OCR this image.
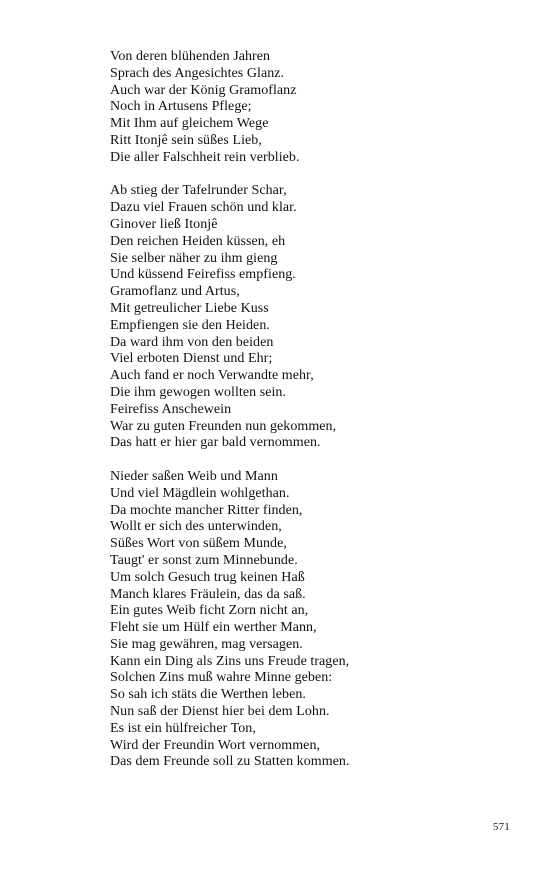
Von deren blühenden Jahren
Sprach des Angesichtes Glanz.
Auch war der König Gramoflanz
Noch in Artusens Pflege;
Mit Ihm auf gleichem Wege
Ritt Itonjê sein süßes Lieb,
Die aller Falschheit rein verblieb.
Ab stieg der Tafelrunder Schar,
Dazu viel Frauen schön und klar.
Ginover ließ Itonjê
Den reichen Heiden küssen, eh
Sie selber näher zu ihm gieng
Und küssend Feirefiss empfieng.
Gramoflanz und Artus,
Mit getreulicher Liebe Kuss
Empfiengen sie den Heiden.
Da ward ihm von den beiden
Viel erboten Dienst und Ehr;
Auch fand er noch Verwandte mehr,
Die ihm gewogen wollten sein.
Feirefiss Anschewein
War zu guten Freunden nun gekommen,
Das hatt er hier gar bald vernommen.
Nieder saßen Weib und Mann
Und viel Mägdlein wohlgethan.
Da mochte mancher Ritter finden,
Wollt er sich des unterwinden,
Süßes Wort von süßem Munde,
Taugt' er sonst zum Minnebunde.
Um solch Gesuch trug keinen Haß
Manch klares Fräulein, das da saß.
Ein gutes Weib ficht Zorn nicht an,
Fleht sie um Hülf ein werther Mann,
Sie mag gewähren, mag versagen.
Kann ein Ding als Zins uns Freude tragen,
Solchen Zins muß wahre Minne geben:
So sah ich stäts die Werthen leben.
Nun saß der Dienst hier bei dem Lohn.
Es ist ein hülfreicher Ton,
Wird der Freundin Wort vernommen,
Das dem Freunde soll zu Statten kommen.
571
